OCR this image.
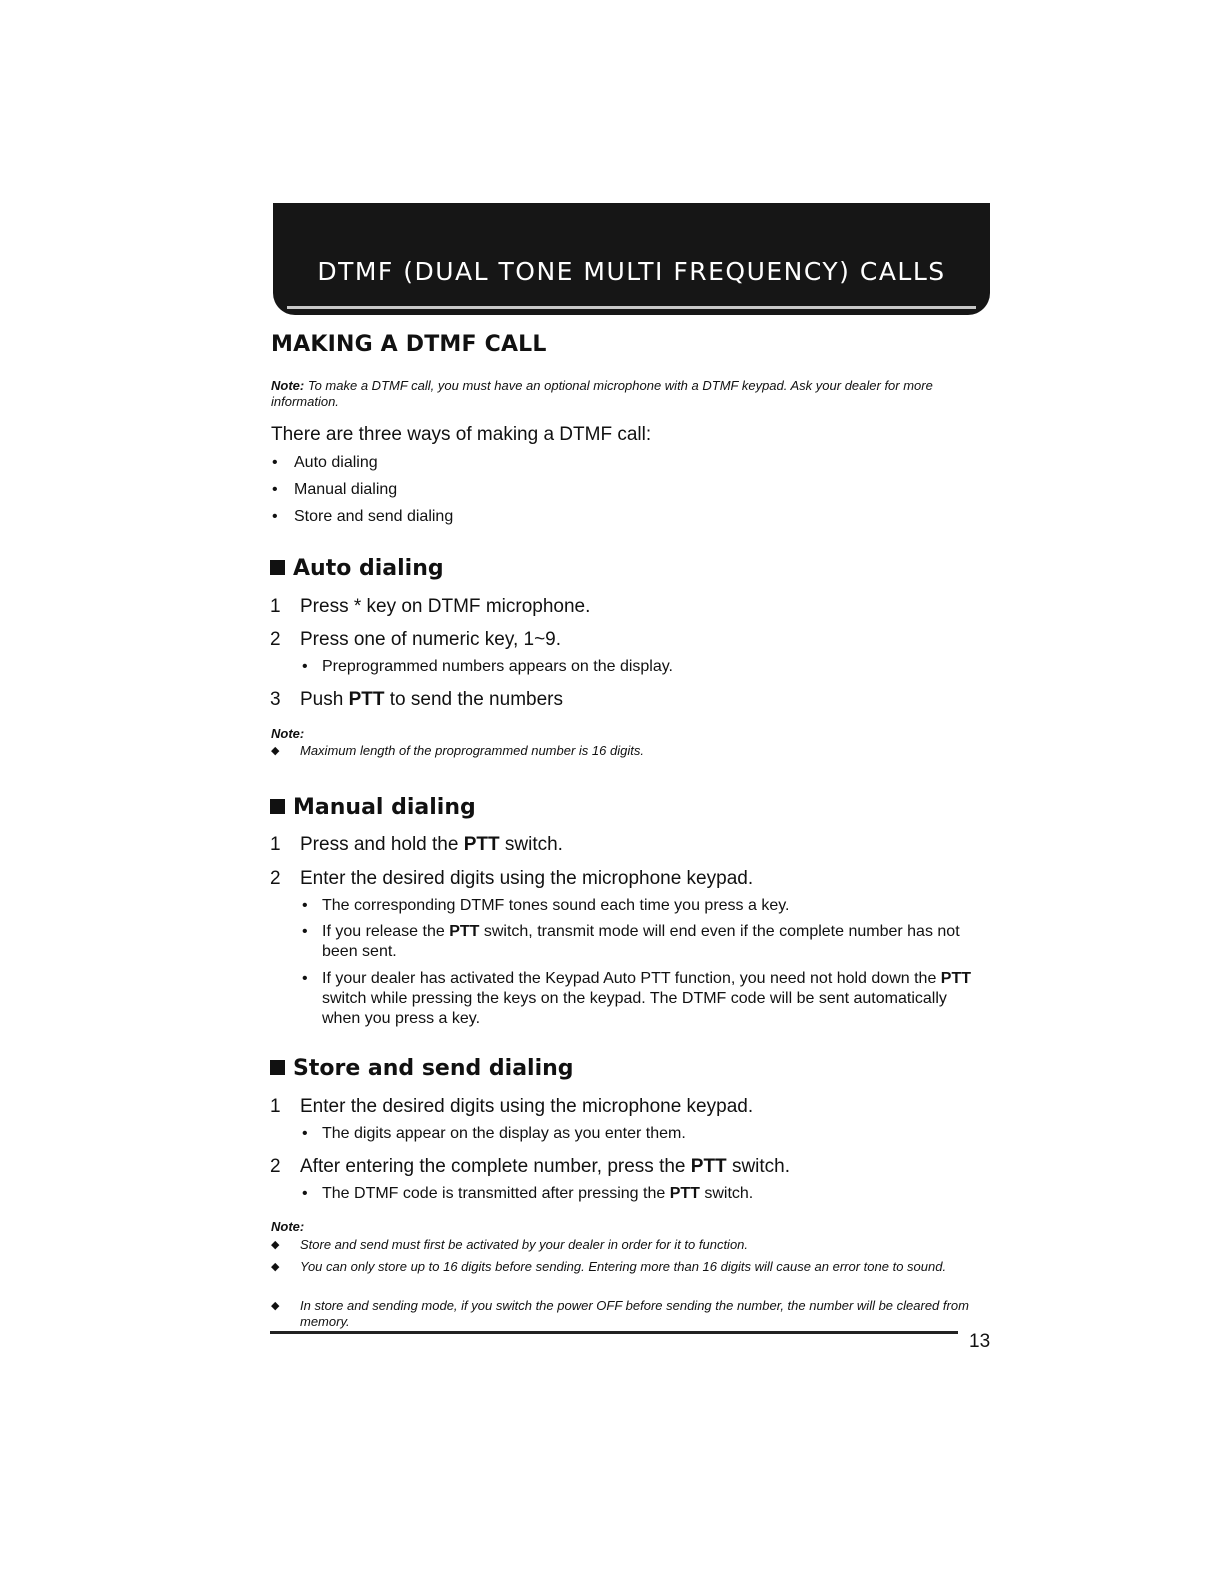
DTMF (DUAL TONE MULTI FREQUENCY) CALLS
MAKING A DTMF CALL
Note: To make a DTMF call, you must have an optional microphone with a DTMF keypad. Ask your dealer for more information.
There are three ways of making a DTMF call:
• Auto dialing
• Manual dialing
• Store and send dialing
Auto dialing
1 Press * key on DTMF microphone.
2 Press one of numeric key, 1~9.
• Preprogrammed numbers appears on the display.
3 Push PTT to send the numbers
Note:
◆ Maximum length of the proprogrammed number is 16 digits.
Manual dialing
1 Press and hold the PTT switch.
2 Enter the desired digits using the microphone keypad.
• The corresponding DTMF tones sound each time you press a key.
• If you release the PTT switch, transmit mode will end even if the complete number has not been sent.
• If your dealer has activated the Keypad Auto PTT function, you need not hold down the PTT switch while pressing the keys on the keypad. The DTMF code will be sent automatically when you press a key.
Store and send dialing
1 Enter the desired digits using the microphone keypad.
• The digits appear on the display as you enter them.
2 After entering the complete number, press the PTT switch.
• The DTMF code is transmitted after pressing the PTT switch.
Note:
◆ Store and send must first be activated by your dealer in order for it to function.
◆ You can only store up to 16 digits before sending. Entering more than 16 digits will cause an error tone to sound.
◆ In store and sending mode, if you switch the power OFF before sending the number, the number will be cleared from memory.
13
